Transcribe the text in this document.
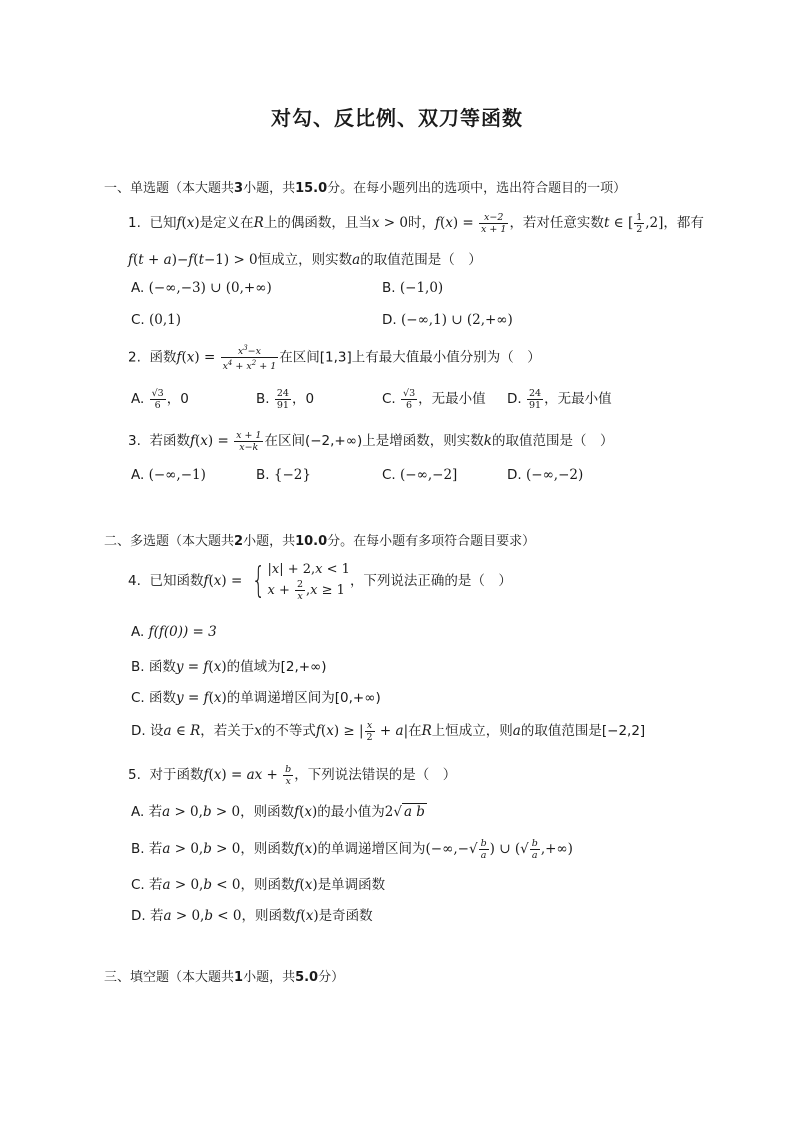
对勾、反比例、双刀等函数
一、单选题（本大题共3小题，共15.0分。在每小题列出的选项中，选出符合题目的一项）
1. 已知f(x)是定义在R上的偶函数，且当x > 0时，$f(x) = \frac{x-2}{x + 1}$ ，若对任意实数t ∈ [ $\frac{1}{2} ,2$]，都有
f(t + a)−f(t−1) > 0恒成立，则实数a的取值范围是（　）
A. (−∞,−3) ∪ (0,+∞)	B. (−1,0)
C. (0,1)	D. (−∞,1) ∪ (2,+∞)
2. 函数$f(x) = \frac{x^3-x}{x^4 + x^2 + 1}$ 在区间[1,3]上有最大值最小值分别为（　）
A. $\frac{√3}{6}$ ，0	B. $\frac{24}{91}$ ，0	C. $\frac{√3}{6}$ ，无最小值 D. $\frac{24}{91}$ ，无最小值
3. 若函数$f(x) = \frac{x + 1}{x-k}$ 在区间(−2,+∞)上是增函数，则实数k的取值范围是（　）
A. (−∞,−1)	B. {−2}	C. (−∞,−2]	D. (−∞,−2)
二、多选题（本大题共2小题，共10.0分。在每小题有多项符合题目要求）
4. 已知函数f(x) = { |x| + 2,x < 1
$x + \frac{2}{x} ,x \ge 1$
，下列说法正确的是（　）
A. f(f(0)) = 3
B. 函数y = f(x)的值域为[2,+∞)
C. 函数y = f(x)的单调递增区间为[0,+∞)
D. 设a ∈ R，若关于x的不等式f(x) ≥ | $\frac{x}{2} + a|$在R上恒成立，则a的取值范围是[−2,2]
5. 对于函数f(x) = ax + $\frac{b}{x}$ ，下列说法错误的是（　）
A. 若a > 0,b > 0，则函数f(x)的最小值为2 √ a b
B. 若a > 0,b > 0，则函数f(x)的单调递增区间为(−∞,− √ $\frac{b}{a}$ ) ∪ ( √ $\frac{b}{a}$ ,+∞)
C. 若a > 0,b < 0，则函数f(x)是单调函数
D. 若a > 0,b < 0，则函数f(x)是奇函数
三、填空题（本大题共1小题，共5.0分）
